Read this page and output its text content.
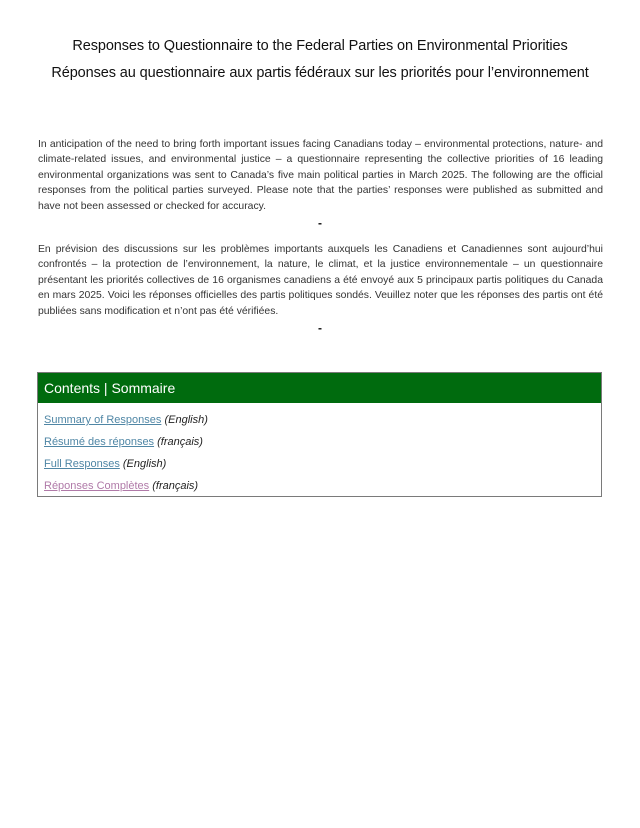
Responses to Questionnaire to the Federal Parties on Environmental Priorities
Réponses au questionnaire aux partis fédéraux sur les priorités pour l’environnement

In anticipation of the need to bring forth important issues facing Canadians today – environmental protections, nature- and climate-related issues, and environmental justice – a questionnaire representing the collective priorities of 16 leading environmental organizations was sent to Canada’s five main political parties in March 2025. The following are the official responses from the political parties surveyed. Please note that the parties’ responses were published as submitted and have not been assessed or checked for accuracy.

-

En prévision des discussions sur les problèmes importants auxquels les Canadiens et Canadiennes sont aujourd’hui confrontés – la protection de l’environnement, la nature, le climat, et la justice environnementale – un questionnaire présentant les priorités collectives de 16 organismes canadiens a été envoyé aux 5 principaux partis politiques du Canada en mars 2025. Voici les réponses officielles des partis politiques sondés. Veuillez noter que les réponses des partis ont été publiées sans modification et n’ont pas été vérifiées.

-
Contents | Sommaire
Summary of Responses (English)
Résumé des réponses (français)
Full Responses (English)
Réponses Complètes (français)
